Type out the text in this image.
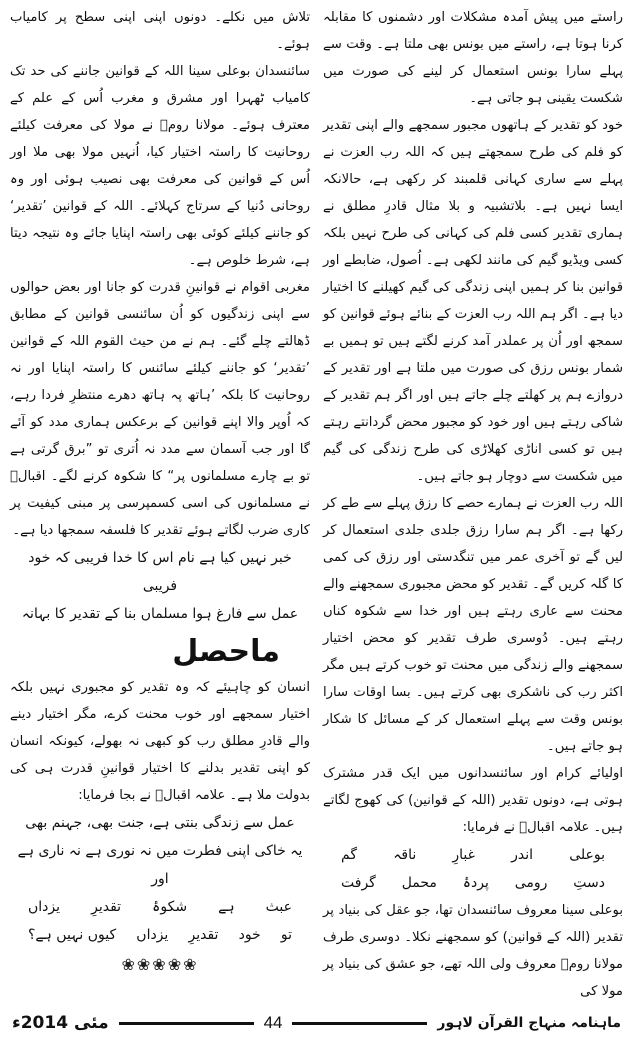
راستے میں پیش آمدہ مشکلات اور دشمنوں کا مقابلہ کرنا ہوتا ہے، راستے میں بونس بھی ملتا ہے۔ وقت سے پہلے سارا بونس استعمال کر لینے کی صورت میں شکست یقینی ہو جاتی ہے۔

خود کو تقدیر کے ہاتھوں مجبور سمجھے والے اپنی تقدیر کو فلم کی طرح سمجھتے ہیں کہ اللہ رب العزت نے پہلے سے ساری کہانی قلمبند کر رکھی ہے، حالانکہ ایسا نہیں ہے۔ بلاتشبیہ و بلا مثال قادرِ مطلق نے ہماری تقدیر کسی فلم کی کہانی کی طرح نہیں بلکہ کسی ویڈیو گیم کی مانند لکھی ہے۔ اُصول، ضابطے اور قوانین بنا کر ہمیں اپنی زندگی کی گیم کھیلنے کا اختیار دیا ہے۔ اگر ہم اللہ رب العزت کے بنائے ہوئے قوانین کو سمجھ اور اُن پر عملدر آمد کرنے لگتے ہیں تو ہمیں بے شمار بونس رزق کی صورت میں ملتا ہے اور تقدیر کے دروازے ہم پر کھلتے چلے جاتے ہیں اور اگر ہم تقدیر کے شاکی رہتے ہیں اور خود کو مجبور محض گردانتے رہتے ہیں تو کسی اناڑی کھلاڑی کی طرح زندگی کی گیم میں شکست سے دوچار ہو جاتے ہیں۔

اللہ رب العزت نے ہمارے حصے کا رزق پہلے سے طے کر رکھا ہے۔ اگر ہم سارا رزق جلدی جلدی استعمال کر لیں گے تو آخری عمر میں تنگدستی اور رزق کی کمی کا گلہ کریں گے۔ تقدیر کو محض مجبوری سمجھنے والے محنت سے عاری رہتے ہیں اور خدا سے شکوہ کناں رہتے ہیں۔ دُوسری طرف تقدیر کو محض اختیار سمجھنے والے زندگی میں محنت تو خوب کرتے ہیں مگر اکثر رب کی ناشکری بھی کرتے ہیں۔ بسا اوقات سارا بونس وقت سے پہلے استعمال کر کے مسائل کا شکار ہو جاتے ہیں۔

اولیائے کرام اور سائنسدانوں میں ایک قدر مشترک ہوتی ہے، دونوں تقدیر (اللہ کے قوانین) کی کھوج لگاتے ہیں۔ علامہ اقبالؒ نے فرمایا:

بوعلی
اندر
غبارِ
ناقہ
گم
دستِ
رومی
پردۂ
محمل
گرفت

بوعلی سینا معروف سائنسدان تھا، جو عقل کی بنیاد پر تقدیر (اللہ کے قوانین) کو سمجھنے نکلا۔ دوسری طرف مولانا رومؒ معروف ولی اللہ تھے، جو عشق کی بنیاد پر مولا کی

تلاش میں نکلے۔ دونوں اپنی اپنی سطح پر کامیاب ہوئے۔

سائنسدان بوعلی سینا اللہ کے قوانین جاننے کی حد تک کامیاب ٹھہرا اور مشرق و مغرب اُس کے علم کے معترف ہوئے۔ مولانا رومؒ نے مولا کی معرفت کیلئے روحانیت کا راستہ اختیار کیا، اُنہیں مولا بھی ملا اور اُس کے قوانین کی معرفت بھی نصیب ہوئی اور وہ روحانی دُنیا کے سرتاج کہلائے۔ اللہ کے قوانین ’تقدیر‘ کو جاننے کیلئے کوئی بھی راستہ اپنایا جائے وہ نتیجہ دیتا ہے، شرط خلوص ہے۔

مغربی اقوام نے قوانینِ قدرت کو جانا اور بعض حوالوں سے اپنی زندگیوں کو اُن سائنسی قوانین کے مطابق ڈھالتے چلے گئے۔ ہم نے من حیث القوم اللہ کے قوانین ’تقدیر‘ کو جاننے کیلئے سائنس کا راستہ اپنایا اور نہ روحانیت کا بلکہ ’ہاتھ پہ ہاتھ دھرے منتظرِ فردا رہے، کہ اُوپر والا اپنے قوانین کے برعکس ہماری مدد کو آئے گا اور جب آسمان سے مدد نہ اُتری تو ”برق گرتی ہے تو بے چارے مسلمانوں پر“ کا شکوہ کرنے لگے۔ اقبالؒ نے مسلمانوں کی اسی کسمپرسی پر مبنی کیفیت پر کاری ضرب لگاتے ہوئے تقدیر کا فلسفہ سمجھا دیا ہے۔

خبر نہیں کیا ہے نام اس کا خدا فریبی کہ خود فریبی
عمل سے فارغ ہوا مسلماں بنا کے تقدیر کا بہانہ
ماحصل

انسان کو چاہیئے کہ وہ تقدیر کو مجبوری نہیں بلکہ اختیار سمجھے اور خوب محنت کرے، مگر اختیار دینے والے قادرِ مطلق رب کو کبھی نہ بھولے، کیونکہ انسان کو اپنی تقدیر بدلنے کا اختیار قوانینِ قدرت ہی کی بدولت ملا ہے۔ علامہ اقبالؒ نے بجا فرمایا:

عمل سے زندگی بنتی ہے، جنت بھی، جہنم بھی
یہ خاکی اپنی فطرت میں نہ نوری ہے نہ ناری ہے
اور
عبث
ہے
شکوۂ
تقدیرِ
یزداں
تو
خود
تقدیرِ
یزداں
کیوں نہیں ہے؟
❀❀❀❀❀
مئی 2014ء	44	ماہنامہ منہاج القرآن لاہور
